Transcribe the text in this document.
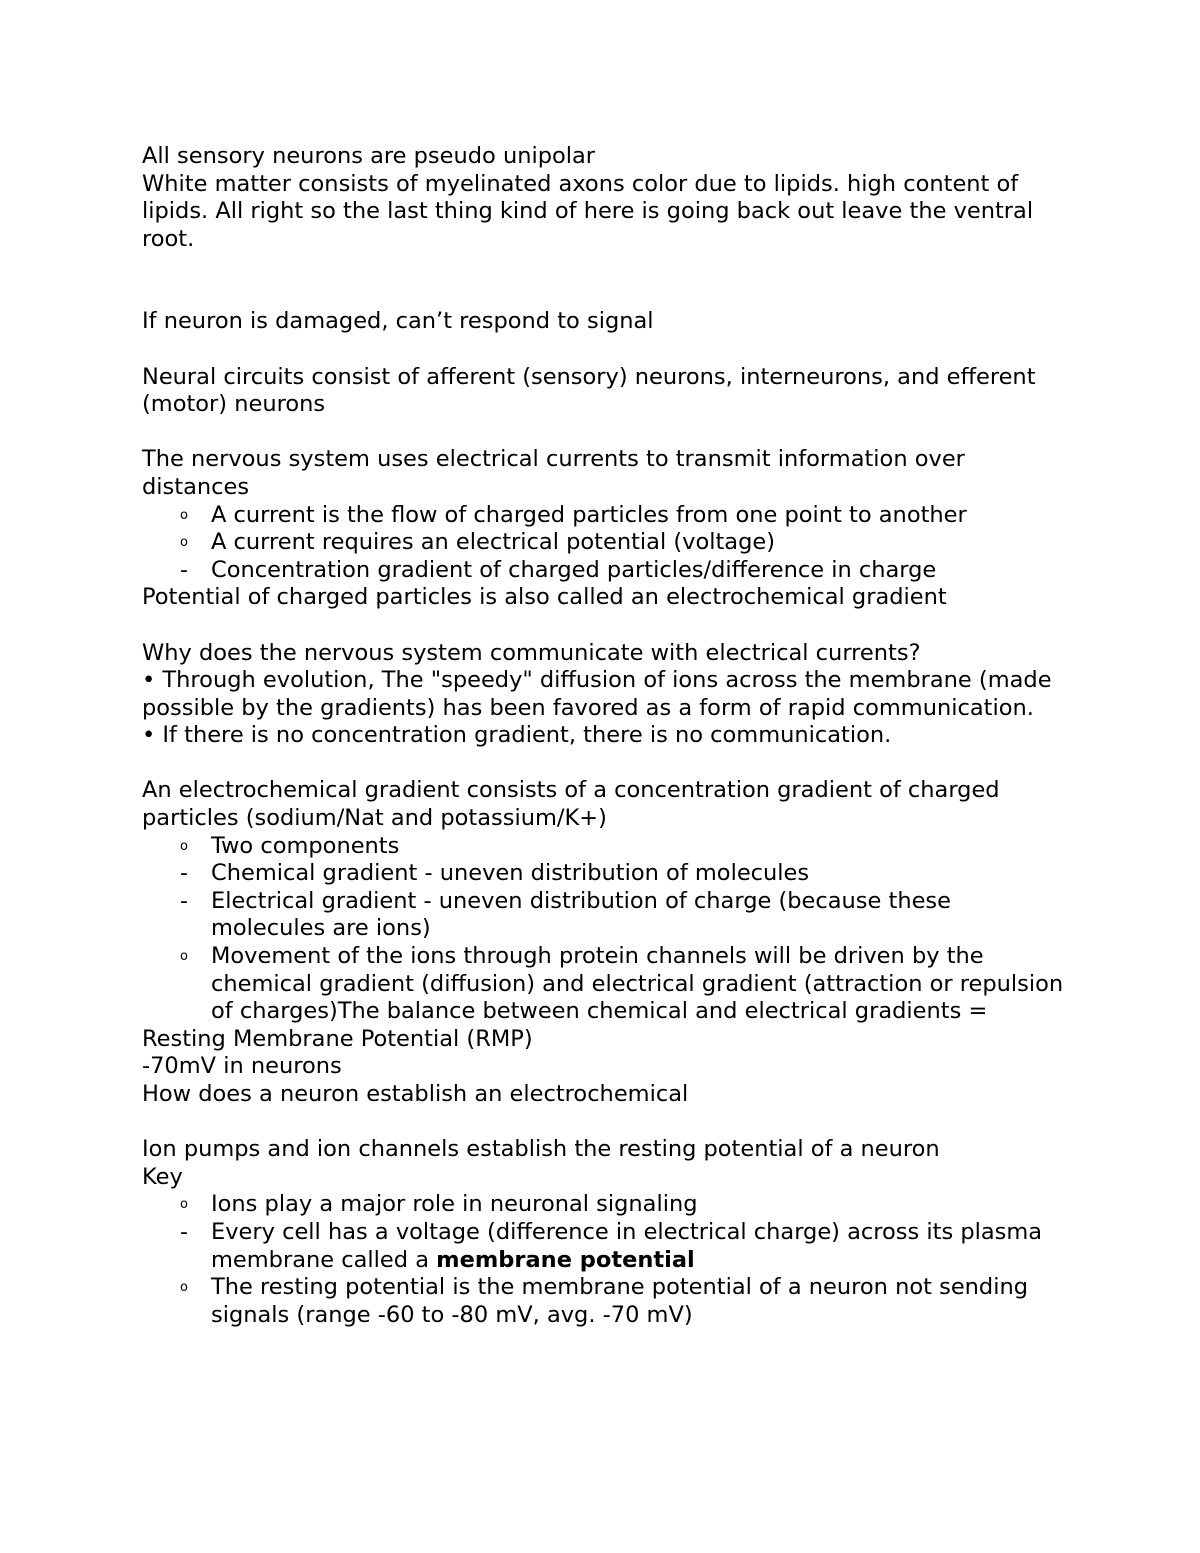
All sensory neurons are pseudo unipolar
White matter consists of myelinated axons color due to lipids. high content of lipids. All right so the last thing kind of here is going back out leave the ventral root.
If neuron is damaged, can’t respond to signal
Neural circuits consist of afferent (sensory) neurons, interneurons, and efferent (motor) neurons
The nervous system uses electrical currents to transmit information over distances
o	A current is the flow of charged particles from one point to another
o	A current requires an electrical potential (voltage)
-	Concentration gradient of charged particles/difference in charge
Potential of charged particles is also called an electrochemical gradient
Why does the nervous system communicate with electrical currents?
• Through evolution, The "speedy" diffusion of ions across the membrane (made possible by the gradients) has been favored as a form of rapid communication.
• If there is no concentration gradient, there is no communication.
An electrochemical gradient consists of a concentration gradient of charged particles (sodium/Nat and potassium/K+)
o	Two components
-	Chemical gradient - uneven distribution of molecules
-	Electrical gradient - uneven distribution of charge (because these molecules are ions)
o	Movement of the ions through protein channels will be driven by the chemical gradient (diffusion) and electrical gradient (attraction or repulsion of charges)The balance between chemical and electrical gradients =
Resting Membrane Potential (RMP)
-70mV in neurons
How does a neuron establish an electrochemical
Ion pumps and ion channels establish the resting potential of a neuron
Key
o	Ions play a major role in neuronal signaling
-	Every cell has a voltage (difference in electrical charge) across its plasma membrane called a membrane potential
o	The resting potential is the membrane potential of a neuron not sending signals (range -60 to -80 mV, avg. -70 mV)
